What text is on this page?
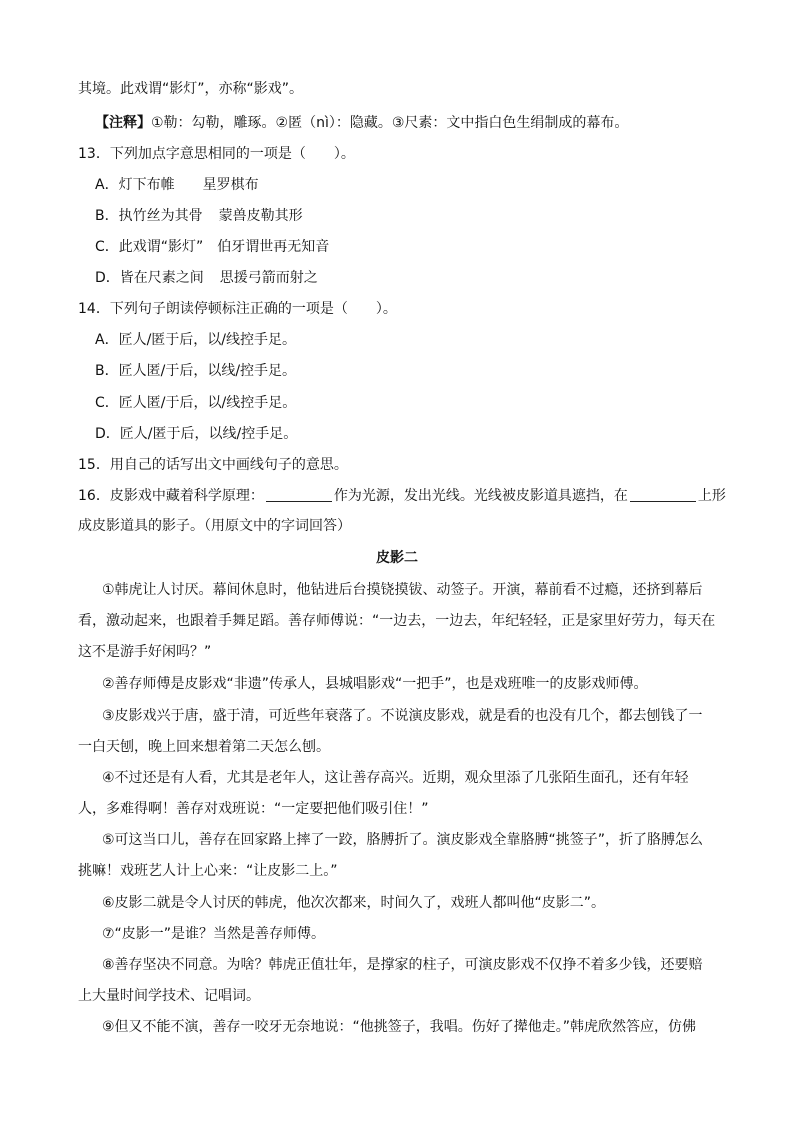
其境。此戏谓“影灯”，亦称“影戏”。
【注释】①勒：勾勒，雕琢。②匿（nì）：隐藏。③尺素：文中指白色生绢制成的幕布。
13．下列加点字意思相同的一项是（　　）。
A．灯下布帷 星罗棋布
B．执竹丝为其骨 蒙兽皮勒其形
C．此戏谓“影灯” 伯牙谓世再无知音
D．皆在尺素之间 思援弓箭而射之
14．下列句子朗读停顿标注正确的一项是（　　）。
A．匠人/匿于后，以/线控手足。
B．匠人匿/于后，以线/控手足。
C．匠人匿/于后，以/线控手足。
D．匠人/匿于后，以线/控手足。
15．用自己的话写出文中画线句子的意思。
16．皮影戏中藏着科学原理：	作为光源，发出光线。光线被皮影道具遮挡，在	上形
成皮影道具的影子。（用原文中的字词回答）
皮影二
①韩虎让人讨厌。幕间休息时，他钻进后台摸铙摸钹、动签子。开演，幕前看不过瘾，还挤到幕后
看，激动起来，也跟着手舞足蹈。善存师傅说：“一边去，一边去，年纪轻轻，正是家里好劳力，每天在
这不是游手好闲吗？”
②善存师傅是皮影戏“非遗”传承人，县城唱影戏“一把手”，也是戏班唯一的皮影戏师傅。
③皮影戏兴于唐，盛于清，可近些年衰落了。不说演皮影戏，就是看的也没有几个，都去刨钱了一
一白天刨，晚上回来想着第二天怎么刨。
④不过还是有人看，尤其是老年人，这让善存高兴。近期，观众里添了几张陌生面孔，还有年轻
人，多难得啊！善存对戏班说：“一定要把他们吸引住！”
⑤可这当口儿，善存在回家路上摔了一跤，胳膊折了。演皮影戏全靠胳膊“挑签子”，折了胳膊怎么
挑嘛！戏班艺人计上心来：“让皮影二上。”
⑥皮影二就是令人讨厌的韩虎，他次次都来，时间久了，戏班人都叫他“皮影二”。
⑦“皮影一”是谁？当然是善存师傅。
⑧善存坚决不同意。为啥？韩虎正值壮年，是撑家的柱子，可演皮影戏不仅挣不着多少钱，还要赔
上大量时间学技术、记唱词。
⑨但又不能不演，善存一咬牙无奈地说：“他挑签子，我唱。伤好了撵他走。”韩虎欣然答应，仿佛
